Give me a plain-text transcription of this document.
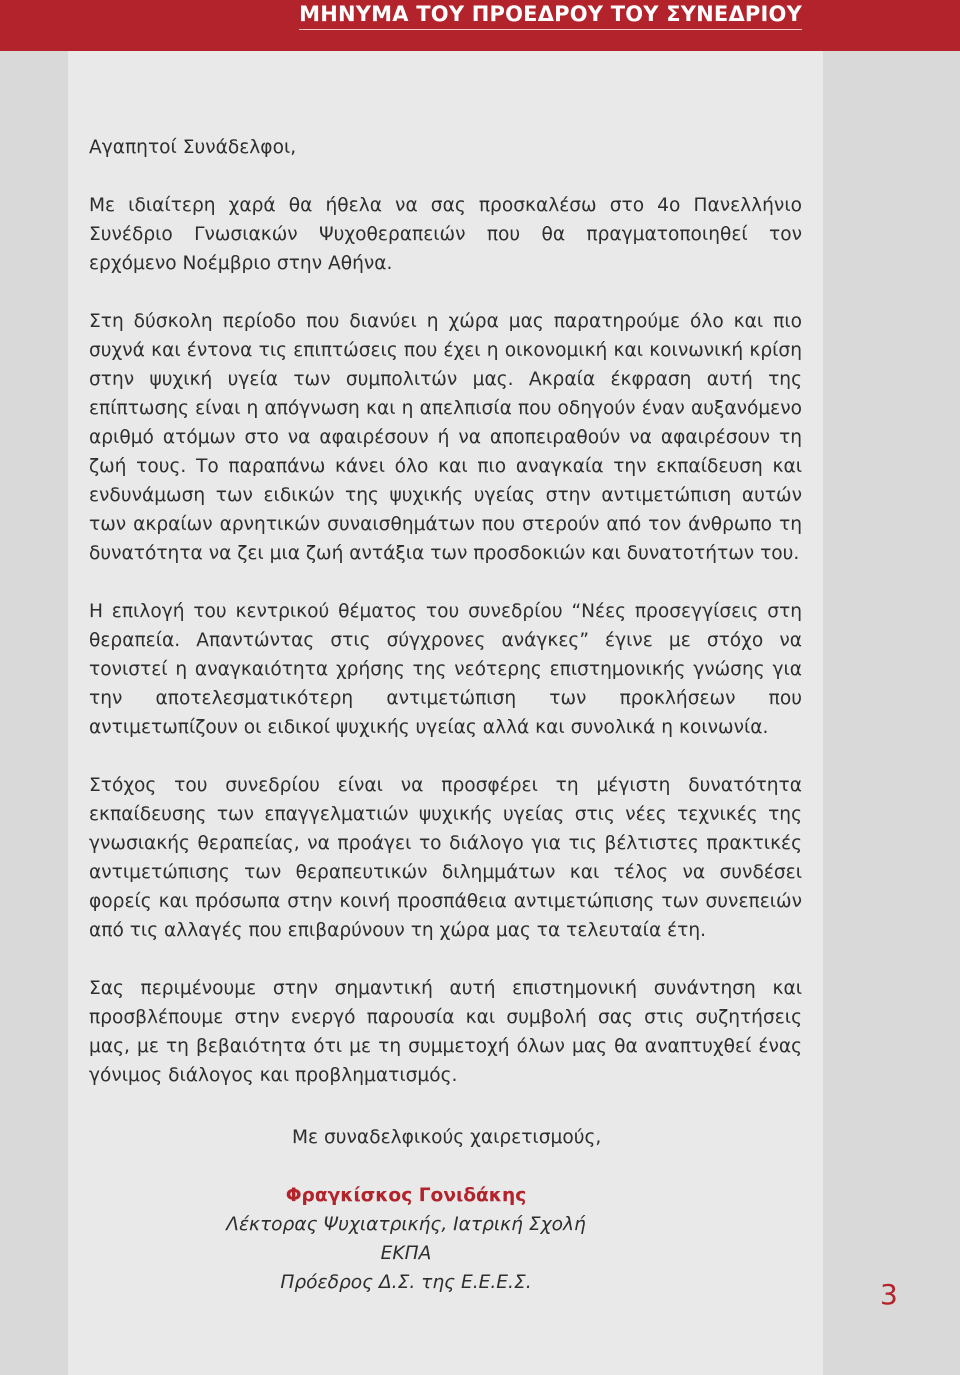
ΜΗΝΥΜΑ ΤΟΥ ΠΡΟΕΔΡΟΥ ΤΟΥ ΣΥΝΕΔΡΙΟΥ

Αγαπητοί Συνάδελφοι,

Με ιδιαίτερη χαρά θα ήθελα να σας προσκαλέσω στο 4ο Πανελλήνιο Συνέδριο Γνωσιακών Ψυχοθεραπειών που θα πραγματοποιηθεί τον ερχόμενο Νοέμβριο στην Αθήνα.

Στη δύσκολη περίοδο που διανύει η χώρα μας παρατηρούμε όλο και πιο συχνά και έντονα τις επιπτώσεις που έχει η οικονομική και κοινωνική κρίση στην ψυχική υγεία των συμπολιτών μας. Ακραία έκφραση αυτή της επίπτωσης είναι η απόγνωση και η απελπισία που οδηγούν έναν αυξανόμενο αριθμό ατόμων στο να αφαιρέσουν ή να αποπειραθούν να αφαιρέσουν τη ζωή τους. Το παραπάνω κάνει όλο και πιο αναγκαία την εκπαίδευση και ενδυνάμωση των ειδικών της ψυχικής υγείας στην αντιμετώπιση αυτών των ακραίων αρνητικών συναισθημάτων που στερούν από τον άνθρωπο τη δυνατότητα να ζει μια ζωή αντάξια των προσδοκιών και δυνατοτήτων του.

Η επιλογή του κεντρικού θέματος του συνεδρίου “Νέες προσεγγίσεις στη θεραπεία. Απαντώντας στις σύγχρονες ανάγκες” έγινε με στόχο να τονιστεί η αναγκαιότητα χρήσης της νεότερης επιστημονικής γνώσης για την αποτελεσματικότερη αντιμετώπιση των προκλήσεων που αντιμετωπίζουν οι ειδικοί ψυχικής υγείας αλλά και συνολικά η κοινωνία.

Στόχος του συνεδρίου είναι να προσφέρει τη μέγιστη δυνατότητα εκπαίδευσης των επαγγελματιών ψυχικής υγείας στις νέες τεχνικές της γνωσιακής θεραπείας, να προάγει το διάλογο για τις βέλτιστες πρακτικές αντιμετώπισης των θεραπευτικών διλημμάτων και τέλος να συνδέσει φορείς και πρόσωπα στην κοινή προσπάθεια αντιμετώπισης των συνεπειών από τις αλλαγές που επιβαρύνουν τη χώρα μας τα τελευταία έτη.

Σας περιμένουμε στην σημαντική αυτή επιστημονική συνάντηση και προσβλέπουμε στην ενεργό παρουσία και συμβολή σας στις συζητήσεις μας, με τη βεβαιότητα ότι με τη συμμετοχή όλων μας θα αναπτυχθεί ένας γόνιμος διάλογος και προβληματισμός.

Με συναδελφικούς χαιρετισμούς,
Φραγκίσκος Γονιδάκης
Λέκτορας Ψυχιατρικής, Ιατρική Σχολή ΕΚΠΑ
Πρόεδρος Δ.Σ. της Ε.Ε.Ε.Σ.	3
